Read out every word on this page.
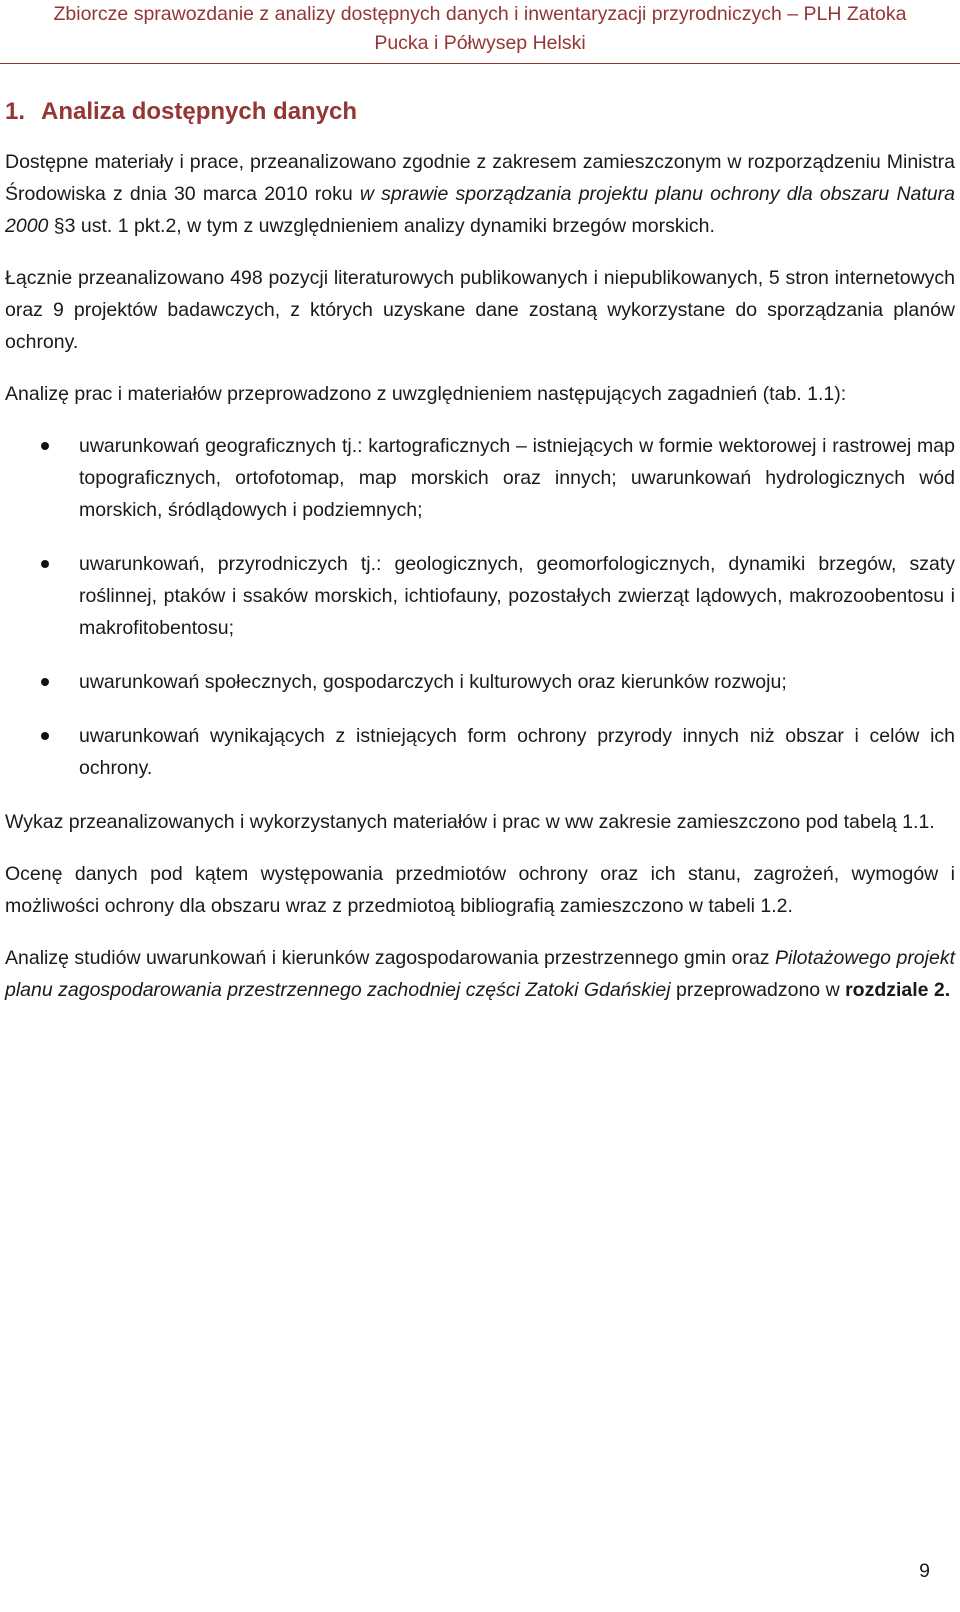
Zbiorcze sprawozdanie z analizy dostępnych danych i inwentaryzacji przyrodniczych – PLH Zatoka
Pucka i Półwysep Helski
1. Analiza dostępnych danych

Dostępne materiały i prace, przeanalizowano zgodnie z zakresem zamieszczonym w rozporządzeniu Ministra Środowiska z dnia 30 marca 2010 roku w sprawie sporządzania projektu planu ochrony dla obszaru Natura 2000 §3 ust. 1 pkt.2, w tym z uwzględnieniem analizy dynamiki brzegów morskich.

Łącznie przeanalizowano 498 pozycji literaturowych publikowanych i niepublikowanych, 5 stron internetowych oraz 9 projektów badawczych, z których uzyskane dane zostaną wykorzystane do sporządzania planów ochrony.

Analizę prac i materiałów przeprowadzono z uwzględnieniem następujących zagadnień (tab. 1.1):

uwarunkowań geograficznych tj.: kartograficznych – istniejących w formie wektorowej i rastrowej map topograficznych, ortofotomap, map morskich oraz innych; uwarunkowań hydrologicznych wód morskich, śródlądowych i podziemnych;
uwarunkowań, przyrodniczych tj.: geologicznych, geomorfologicznych, dynamiki brzegów, szaty roślinnej, ptaków i ssaków morskich, ichtiofauny, pozostałych zwierząt lądowych, makrozoobentosu i makrofitobentosu;
uwarunkowań społecznych, gospodarczych i kulturowych oraz kierunków rozwoju;
uwarunkowań wynikających z istniejących form ochrony przyrody innych niż obszar i celów ich ochrony.

Wykaz przeanalizowanych i wykorzystanych materiałów i prac w ww zakresie zamieszczono pod tabelą 1.1.

Ocenę danych pod kątem występowania przedmiotów ochrony oraz ich stanu, zagrożeń, wymogów i możliwości ochrony dla obszaru wraz z przedmiotoą bibliografią zamieszczono w tabeli 1.2.

Analizę studiów uwarunkowań i kierunków zagospodarowania przestrzennego gmin oraz Pilotażowego projekt planu zagospodarowania przestrzennego zachodniej części Zatoki Gdańskiej przeprowadzono w rozdziale 2.

9
